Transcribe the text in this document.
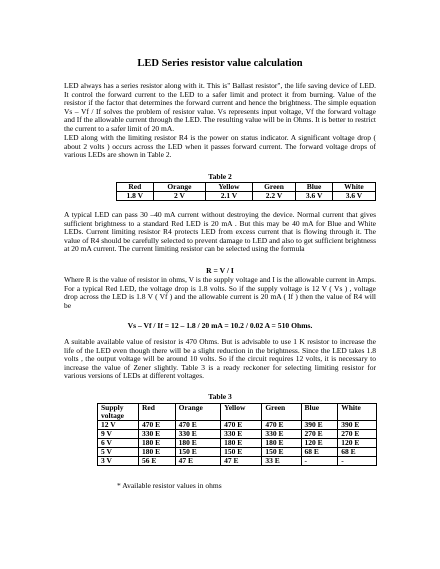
LED Series resistor value calculation

LED always has a series resistor along with it. This is" Ballast resistor", the life saving device of LED. It control the forward current to the LED to a safer limit and protect it from burning. Value of the resistor if the factor that determines the forward current and hence the brightness. The simple equation Vs – Vf / If solves the problem of resistor value. Vs represents input voltage, Vf the forward voltage and If the allowable current through the LED. The resulting value will be in Ohms. It is better to restrict the current to a safer limit of 20 mA.

LED along with the limiting resistor R4 is the power on status indicator. A significant voltage drop ( about 2 volts ) occurs across the LED when it passes forward current. The forward voltage drops of various LEDs are shown in Table 2.

Table 2
Red	Orange	Yellow	Green	Blue	White
1.8 V	2 V	2.1 V	2.2 V	3.6 V	3.6 V

A typical LED can pass 30 –40 mA current without destroying the device. Normal current that gives sufficient brightness to a standard Red LED is 20 mA . But this may be 40 mA for Blue and White LEDs. Current limiting resistor R4 protects LED from excess current that is flowing through it. The value of R4 should be carefully selected to prevent damage to LED and also to get sufficient brightness at 20 mA current. The current limiting resistor can be selected using the formula

R = V / I

Where R is the value of resistor in ohms, V is the supply voltage and I is the allowable current in Amps. For a typical Red LED, the voltage drop is 1.8 volts. So if the supply voltage is 12 V ( Vs ) , voltage drop across the LED is 1.8 V ( Vf ) and the allowable current is 20 mA ( If ) then the value of R4 will be

Vs – Vf / If = 12 – 1.8 / 20 mA = 10.2 / 0.02 A = 510 Ohms.

A suitable available value of resistor is 470 Ohms. But is advisable to use 1 K resistor to increase the life of the LED even though there will be a slight reduction in the brightness. Since the LED takes 1.8 volts , the output voltage will be around 10 volts. So if the circuit requires 12 volts, it is necessary to increase the value of Zener slightly. Table 3 is a ready reckoner for selecting limiting resistor for various versions of LEDs at different voltages.

Table 3
Supply voltage	Red	Orange	Yellow	Green	Blue	White
12 V	470 E	470 E	470 E	470 E	390 E	390 E
9 V	330 E	330 E	330 E	330 E	270 E	270 E
6 V	180 E	180 E	180 E	180 E	120 E	120 E
5 V	180 E	150 E	150 E	150 E	68 E	68 E
3 V	56 E	47 E	47 E	33 E	-	-
* Available resistor values in ohms
